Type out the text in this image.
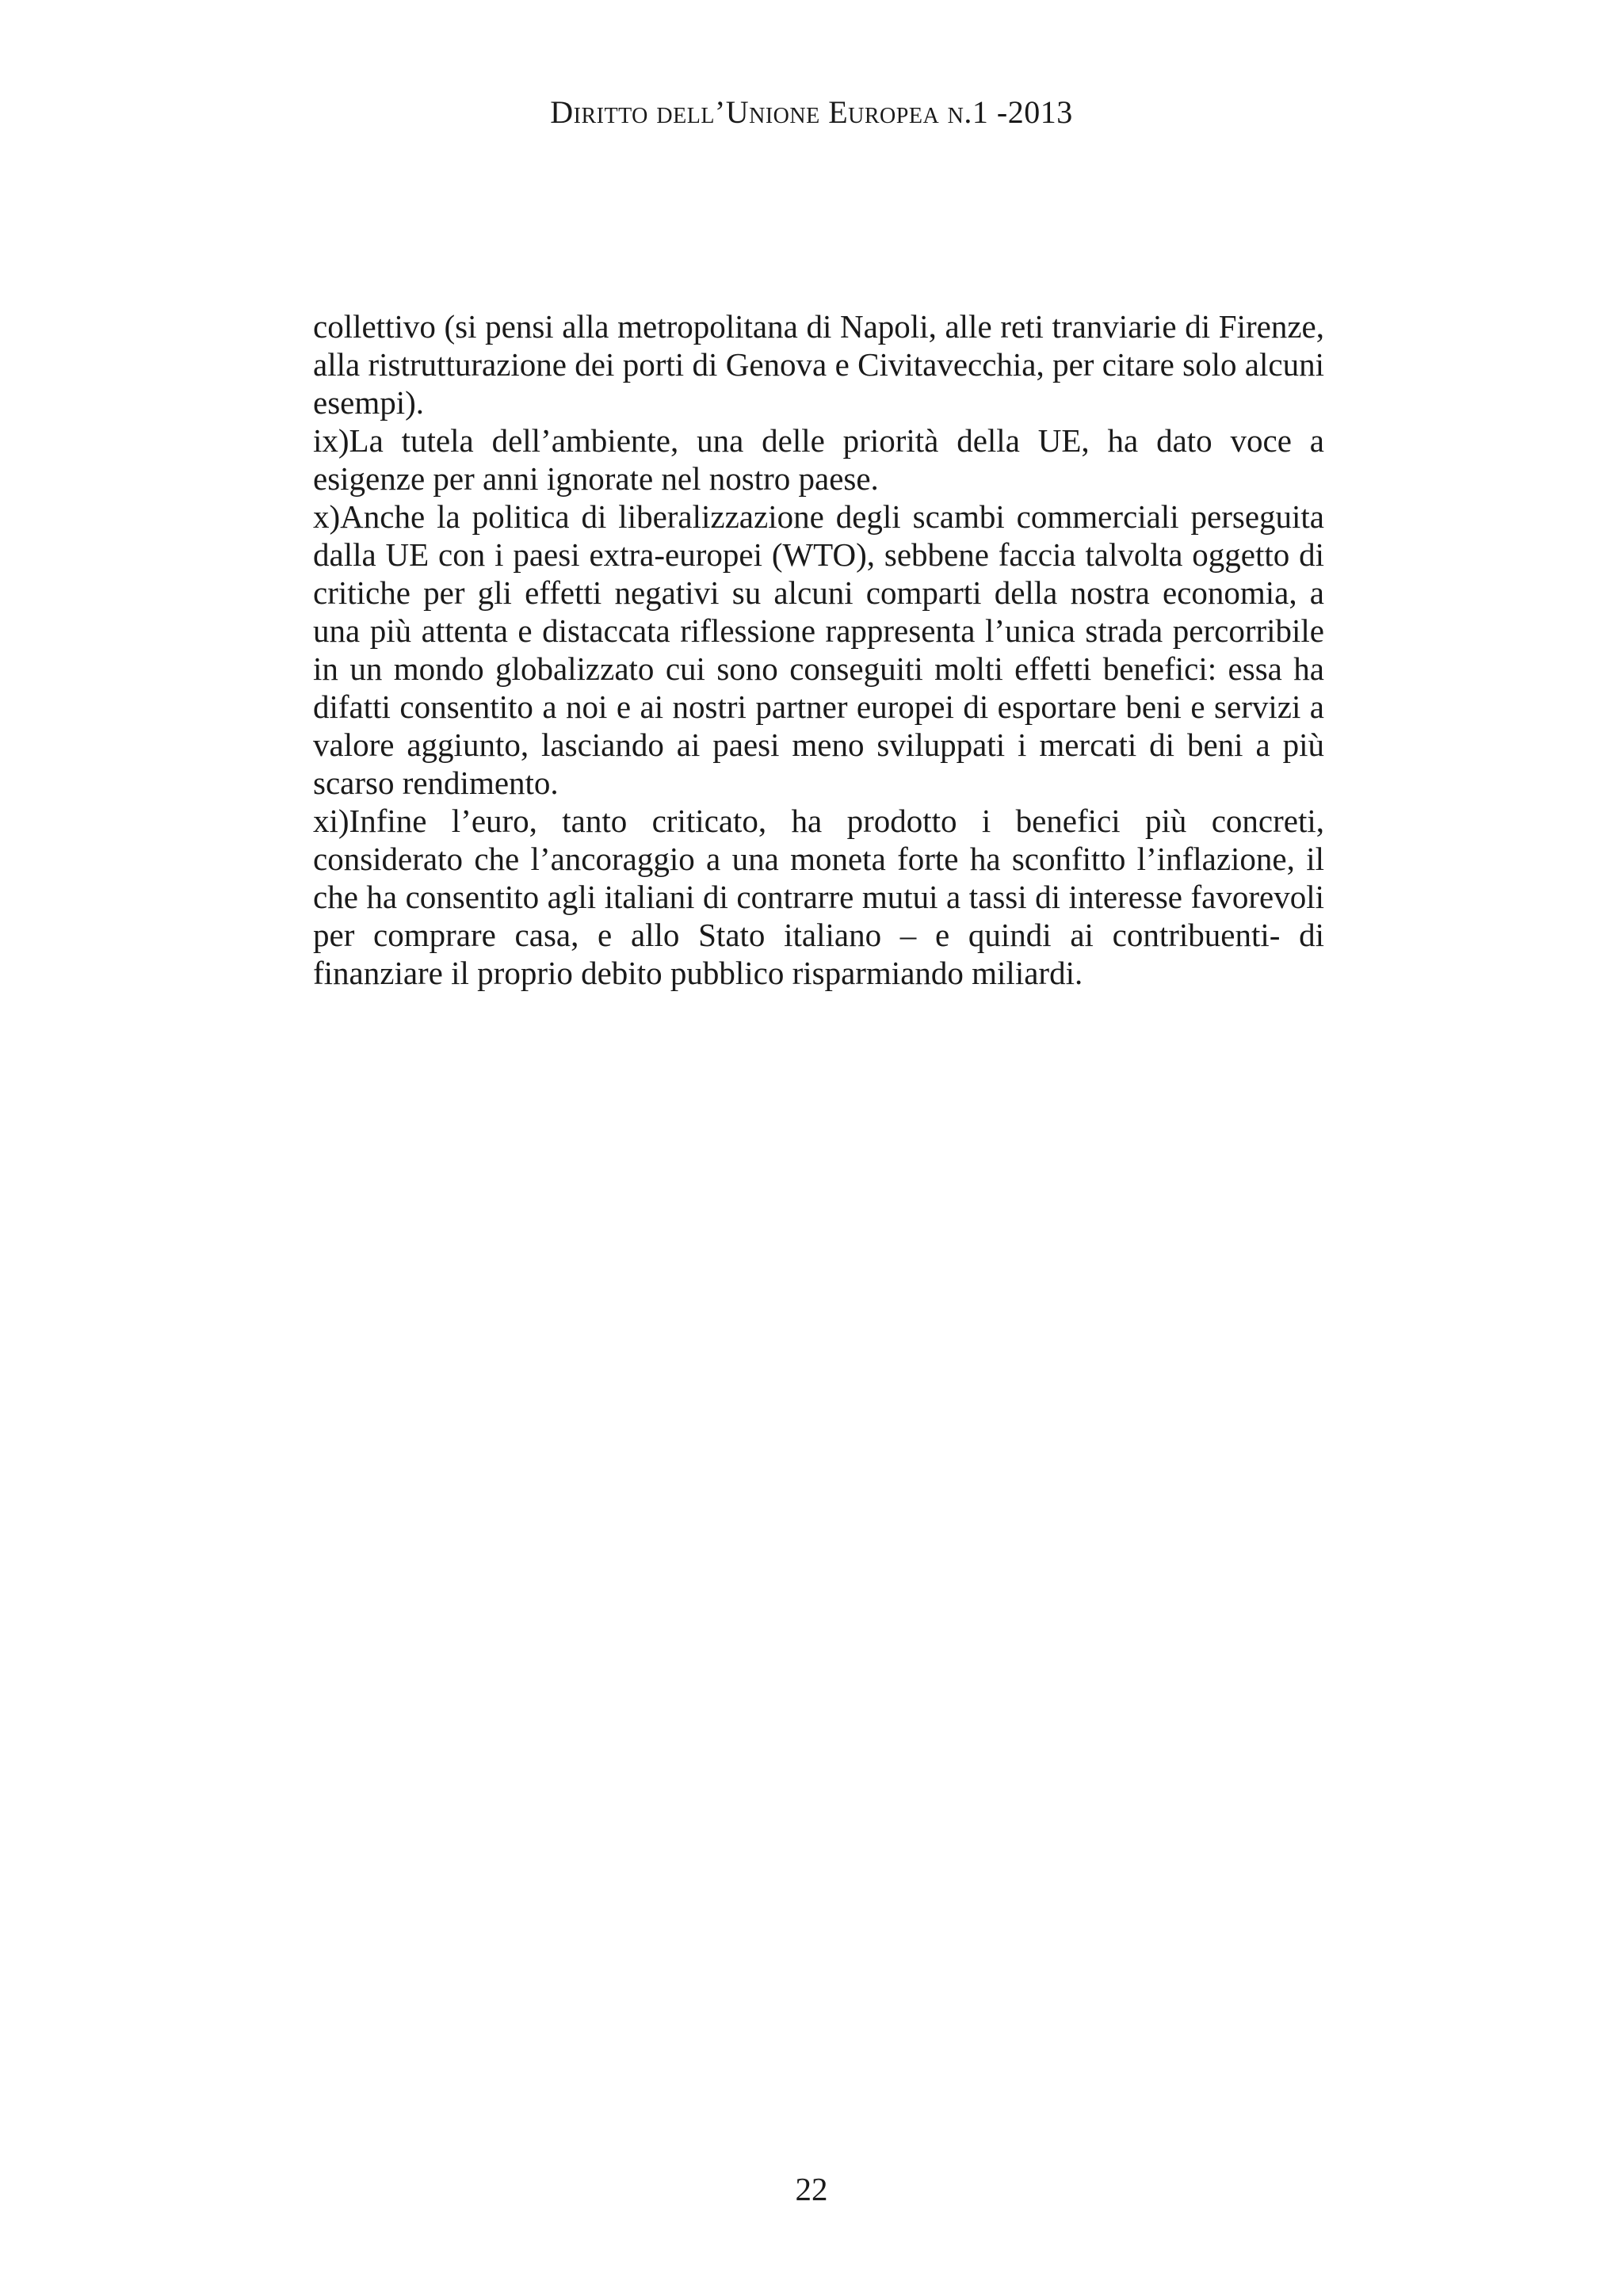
Diritto dell’Unione Europea n.1 -2013

collettivo (si pensi alla metropolitana di Napoli, alle reti tranviarie di Firenze, alla ristrutturazione dei porti di Genova e Civitavecchia, per citare solo alcuni esempi).

ix)La tutela dell’ambiente, una delle priorità della UE, ha dato voce a esigenze per anni ignorate nel nostro paese.

x)Anche la politica di liberalizzazione degli scambi commerciali perseguita dalla UE con i paesi extra-europei (WTO), sebbene faccia talvolta oggetto di critiche per gli effetti negativi su alcuni comparti della nostra economia, a una più attenta e distaccata riflessione rappresenta l’unica strada percorribile in un mondo globalizzato cui sono conseguiti molti effetti benefici: essa ha difatti consentito a noi e ai nostri partner europei di esportare beni e servizi a valore aggiunto, lasciando ai paesi meno sviluppati i mercati di beni a più scarso rendimento.

xi)Infine l’euro, tanto criticato, ha prodotto i benefici più concreti, considerato che l’ancoraggio a una moneta forte ha sconfitto l’inflazione, il che ha consentito agli italiani di contrarre mutui a tassi di interesse favorevoli per comprare casa, e allo Stato italiano – e quindi ai contribuenti- di finanziare il proprio debito pubblico risparmiando miliardi.

22
